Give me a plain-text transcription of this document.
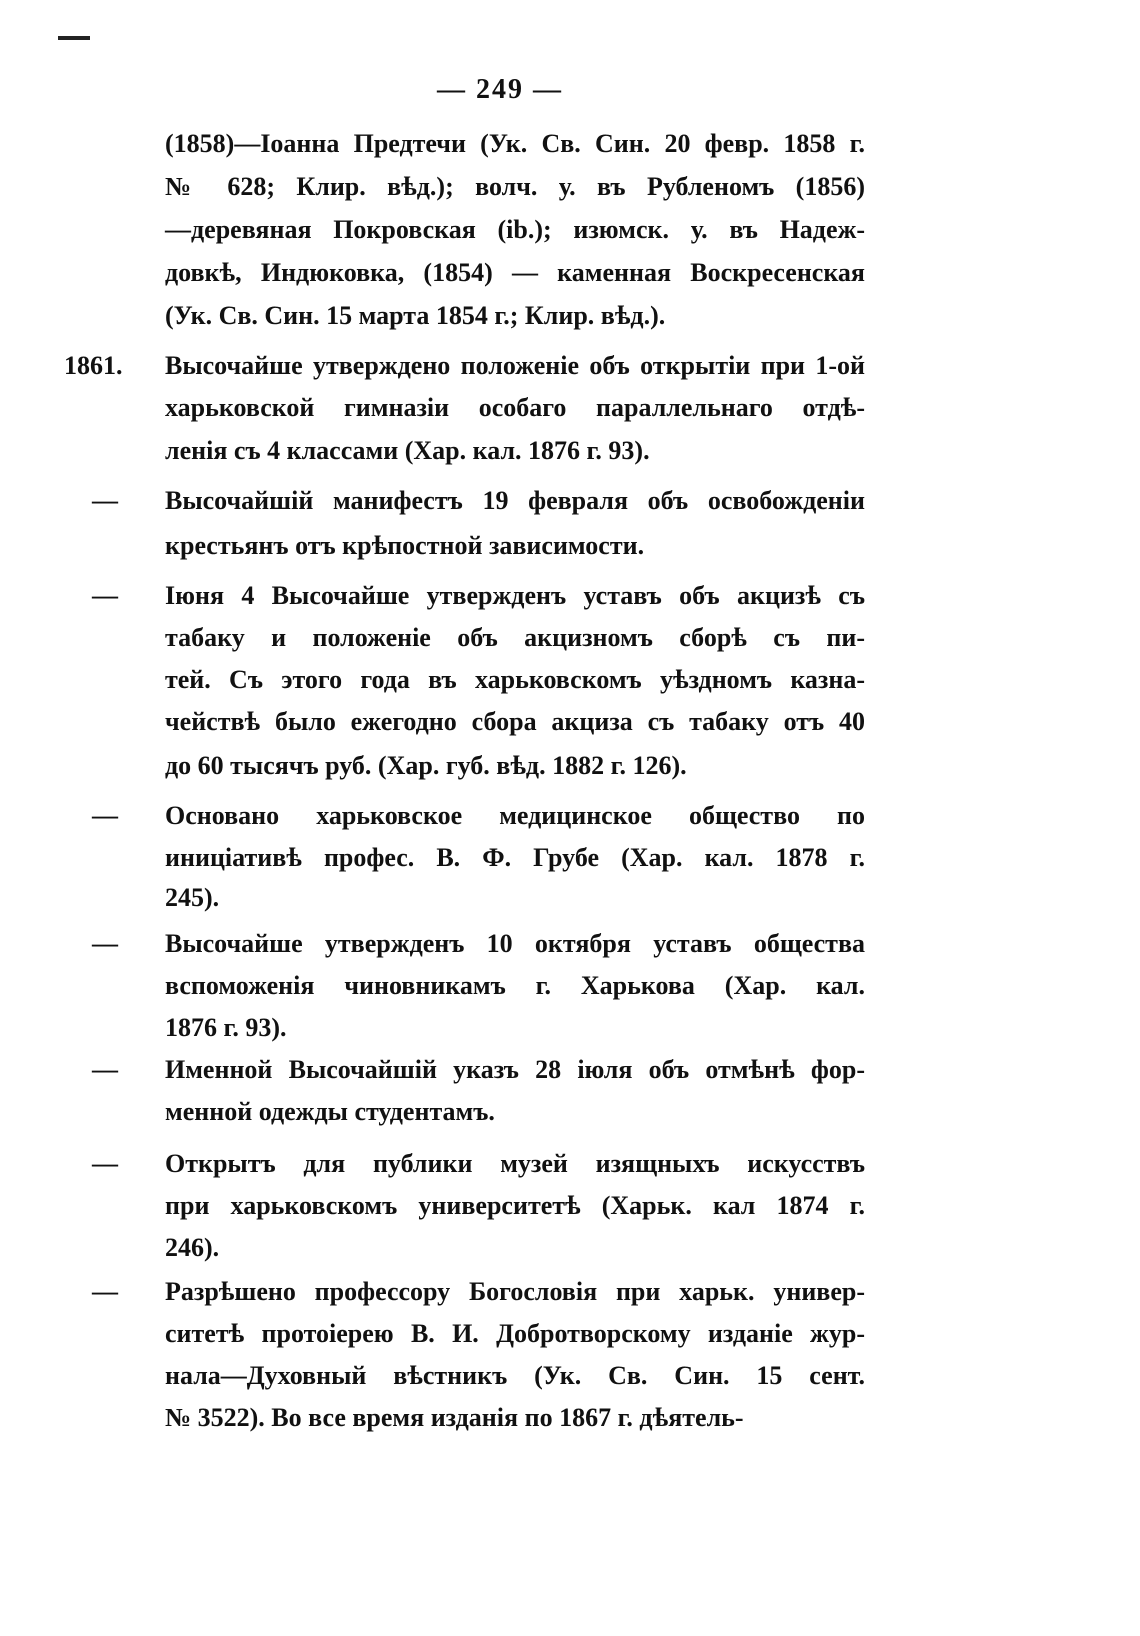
— 249 —
(1858)—Іоанна Предтечи (Ук. Св. Син. 20 февр. 1858 г.
№ 628; Клир. вѣд.); волч. у. въ Рубленомъ (1856)
—деревяная Покровская (ib.); изюмск. у. въ Надеж-
довкѣ, Индюковка, (1854) — каменная Воскресенская
(Ук. Св. Син. 15 марта 1854 г.; Клир. вѣд.).
1861. Высочайше утверждено положеніе объ открытіи при 1-ой
харьковской гимназіи особаго параллельнаго отдѣ-
ленія съ 4 классами (Хар. кал. 1876 г. 93).
—	Высочайшій манифестъ 19 февраля объ освобожденіи
крестьянъ отъ крѣпостной зависимости.
—	Іюня 4 Высочайше утвержденъ уставъ объ акцизѣ съ
табаку и положеніе объ акцизномъ сборѣ съ пи-
тей. Съ этого года въ харьковскомъ уѣздномъ казна-
чействѣ было ежегодно сбора акциза съ табаку отъ 40
до 60 тысячъ руб. (Хар. губ. вѣд. 1882 г. 126).
—	Основано харьковское медицинское общество по
иниціативѣ профес. В. Ф. Грубе (Хар. кал. 1878 г.
245).
—	Высочайше утвержденъ 10 октября уставъ общества
вспоможенія чиновникамъ г. Харькова (Хар. кал.
1876 г. 93).
—	Именной Высочайшій указъ 28 іюля объ отмѣнѣ фор-
менной одежды студентамъ.
—	Открытъ для публики музей изящныхъ искусствъ
при харьковскомъ университетѣ (Харьк. кал 1874 г.
246).
—	Разрѣшено профессору Богословія при харьк. универ-
ситетѣ протоіерею В. И. Добротворскому изданіе жур-
нала—Духовный вѣстникъ (Ук. Св. Син. 15 сент.
№ 3522). Во все время изданія по 1867 г. дѣятель-
